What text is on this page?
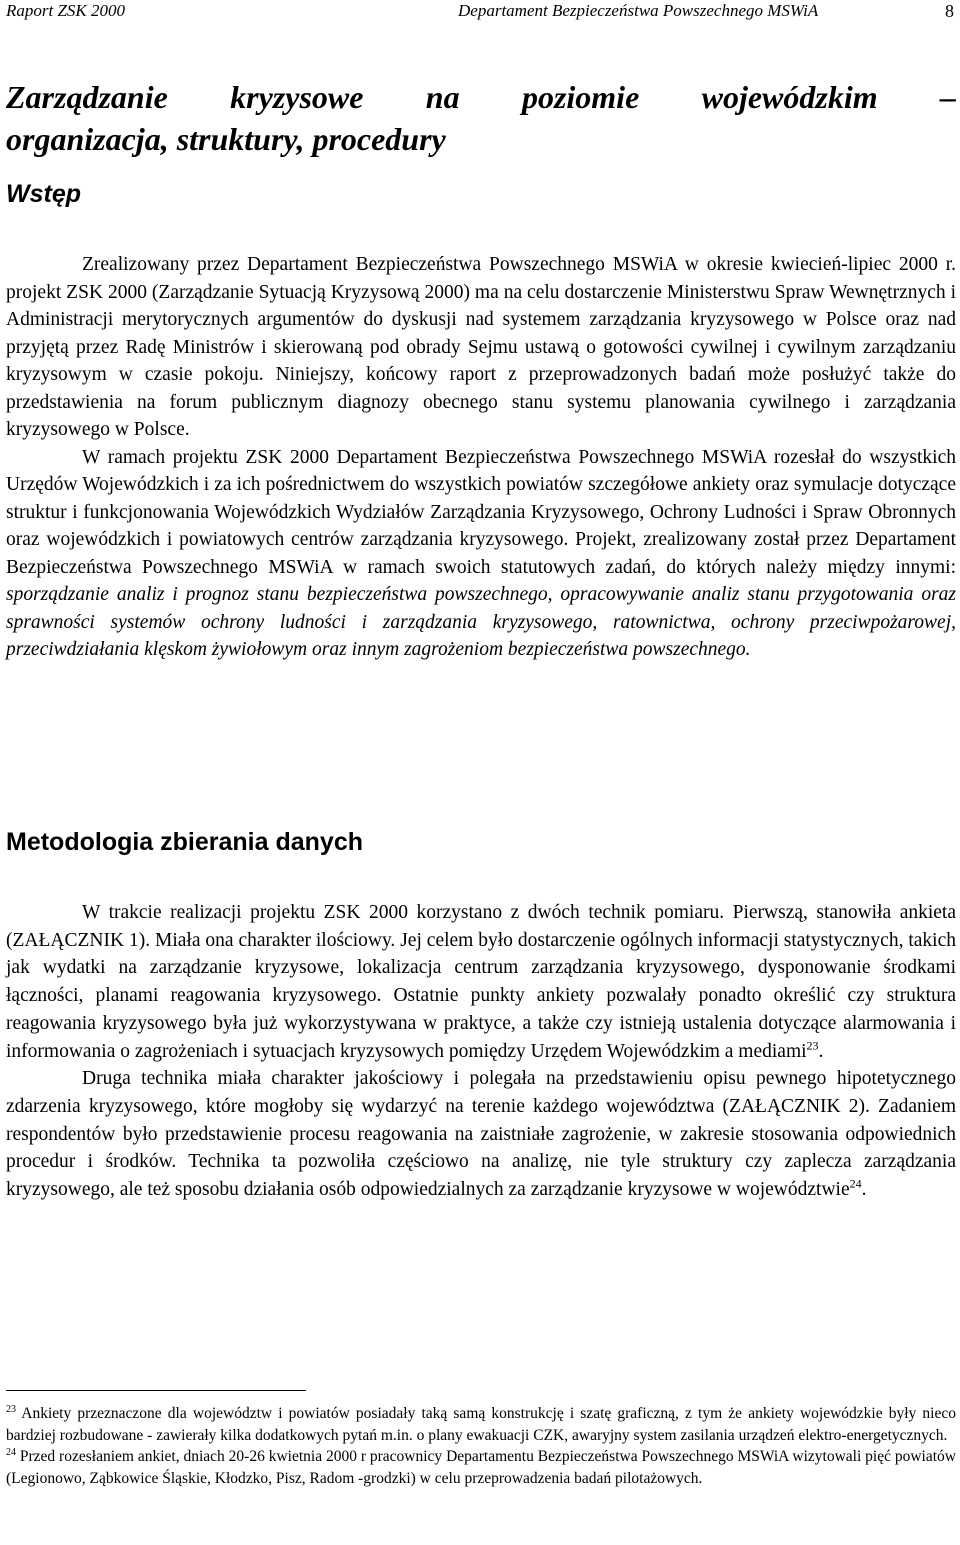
Raport ZSK 2000	Departament Bezpieczeństwa Powszechnego MSWiA	8
Zarządzanie kryzysowe na poziomie wojewódzkim –
organizacja, struktury, procedury
Wstęp

Zrealizowany przez Departament Bezpieczeństwa Powszechnego MSWiA w okresie kwiecień-lipiec 2000 r. projekt ZSK 2000 (Zarządzanie Sytuacją Kryzysową 2000) ma na celu dostarczenie Ministerstwu Spraw Wewnętrznych i Administracji merytorycznych argumentów do dyskusji nad systemem zarządzania kryzysowego w Polsce oraz nad przyjętą przez Radę Ministrów i skierowaną pod obrady Sejmu ustawą o gotowości cywilnej i cywilnym zarządzaniu kryzysowym w czasie pokoju. Niniejszy, końcowy raport z przeprowadzonych badań może posłużyć także do przedstawienia na forum publicznym diagnozy obecnego stanu systemu planowania cywilnego i zarządzania kryzysowego w Polsce.

W ramach projektu ZSK 2000 Departament Bezpieczeństwa Powszechnego MSWiA rozesłał do wszystkich Urzędów Wojewódzkich i za ich pośrednictwem do wszystkich powiatów szczegółowe ankiety oraz symulacje dotyczące struktur i funkcjonowania Wojewódzkich Wydziałów Zarządzania Kryzysowego, Ochrony Ludności i Spraw Obronnych oraz wojewódzkich i powiatowych centrów zarządzania kryzysowego. Projekt, zrealizowany został przez Departament Bezpieczeństwa Powszechnego MSWiA w ramach swoich statutowych zadań, do których należy między innymi: sporządzanie analiz i prognoz stanu bezpieczeństwa powszechnego, opracowywanie analiz stanu przygotowania oraz sprawności systemów ochrony ludności i zarządzania kryzysowego, ratownictwa, ochrony przeciwpożarowej, przeciwdziałania klęskom żywiołowym oraz innym zagrożeniom bezpieczeństwa powszechnego.

Metodologia zbierania danych

W trakcie realizacji projektu ZSK 2000 korzystano z dwóch technik pomiaru. Pierwszą, stanowiła ankieta (ZAŁĄCZNIK 1). Miała ona charakter ilościowy. Jej celem było dostarczenie ogólnych informacji statystycznych, takich jak wydatki na zarządzanie kryzysowe, lokalizacja centrum zarządzania kryzysowego, dysponowanie środkami łączności, planami reagowania kryzysowego. Ostatnie punkty ankiety pozwalały ponadto określić czy struktura reagowania kryzysowego była już wykorzystywana w praktyce, a także czy istnieją ustalenia dotyczące alarmowania i informowania o zagrożeniach i sytuacjach kryzysowych pomiędzy Urzędem Wojewódzkim a mediami$^{23}$.

Druga technika miała charakter jakościowy i polegała na przedstawieniu opisu pewnego hipotetycznego zdarzenia kryzysowego, które mogłoby się wydarzyć na terenie każdego województwa (ZAŁĄCZNIK 2). Zadaniem respondentów było przedstawienie procesu reagowania na zaistniałe zagrożenie, w zakresie stosowania odpowiednich procedur i środków. Technika ta pozwoliła częściowo na analizę, nie tyle struktury czy zaplecza zarządzania kryzysowego, ale też sposobu działania osób odpowiedzialnych za zarządzanie kryzysowe w województwie$^{24}$.

$^{23}$ Ankiety przeznaczone dla województw i powiatów posiadały taką samą konstrukcję i szatę graficzną, z tym że ankiety wojewódzkie były nieco bardziej rozbudowane - zawierały kilka dodatkowych pytań m.in. o plany ewakuacji CZK, awaryjny system zasilania urządzeń elektro-energetycznych.

$^{24}$ Przed rozesłaniem ankiet, dniach 20-26 kwietnia 2000 r pracownicy Departamentu Bezpieczeństwa Powszechnego MSWiA wizytowali pięć powiatów (Legionowo, Ząbkowice Śląskie, Kłodzko, Pisz, Radom -grodzki) w celu przeprowadzenia badań pilotażowych.
